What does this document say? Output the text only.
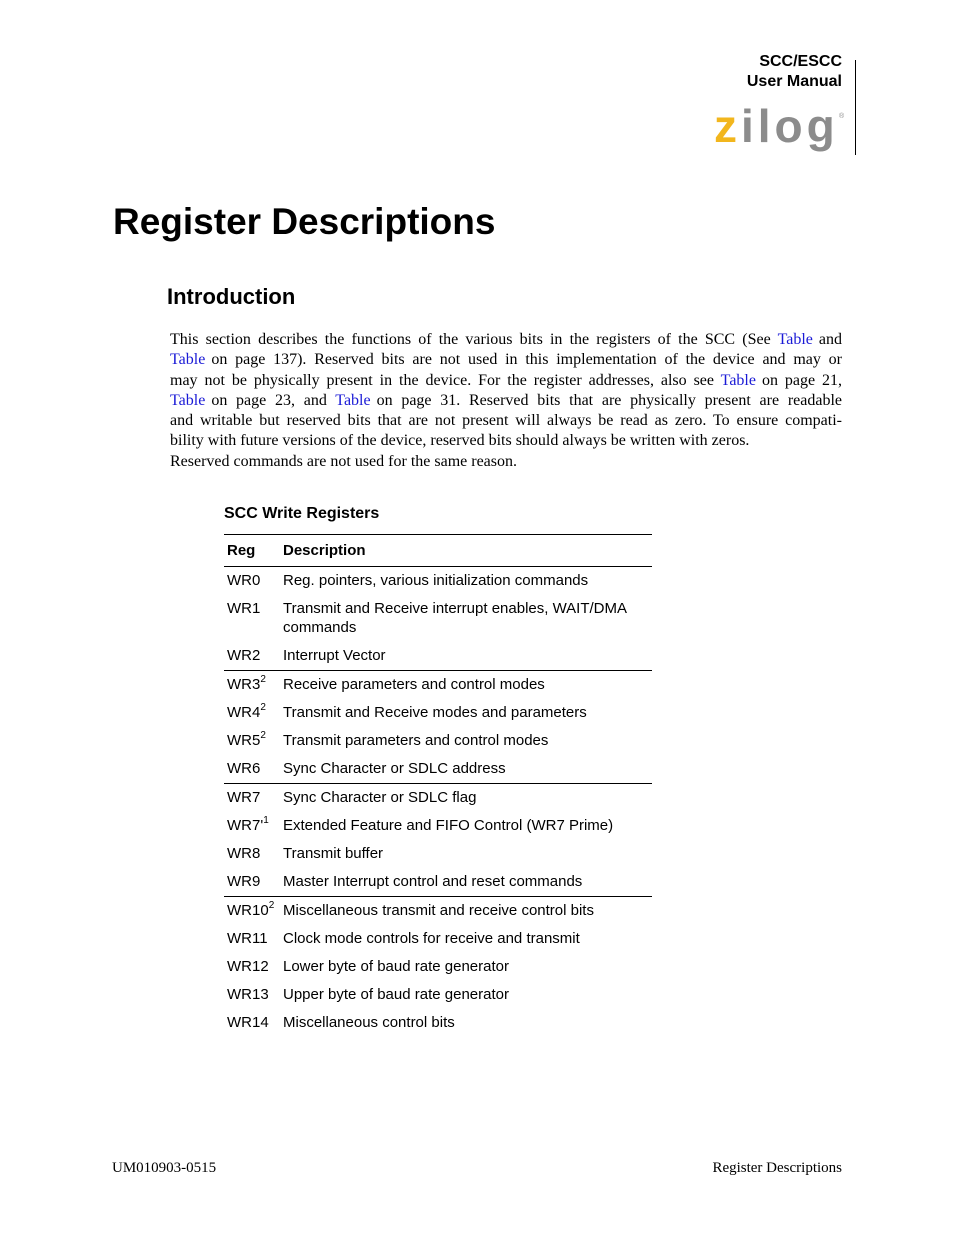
SCC/ESCC
User Manual
zilog ®
Register Descriptions
Introduction
This section describes the functions of the various bits in the registers of the SCC (See Table and
Table on page 137). Reserved bits are not used in this implementation of the device and may or
may not be physically present in the device. For the register addresses, also see Table on page 21,
Table on page 23, and Table on page 31. Reserved bits that are physically present are readable
and writable but reserved bits that are not present will always be read as zero. To ensure compati-
bility with future versions of the device, reserved bits should always be written with zeros.
Reserved commands are not used for the same reason.
SCC Write Registers
Reg	Description
WR0	Reg. pointers, various initialization commands
WR1	Transmit and Receive interrupt enables, WAIT/DMA commands
WR2	Interrupt Vector
$WR3^2$	Receive parameters and control modes
$WR4^2$	Transmit and Receive modes and parameters
$WR5^2$	Transmit parameters and control modes
WR6	Sync Character or SDLC address
WR7	Sync Character or SDLC flag
$WR7'^1$ Extended Feature and FIFO Control (WR7 Prime)
WR8	Transmit buffer
WR9	Master Interrupt control and reset commands
$WR10^2$ Miscellaneous transmit and receive control bits
WR11	Clock mode controls for receive and transmit
WR12 Lower byte of baud rate generator
WR13 Upper byte of baud rate generator
WR14 Miscellaneous control bits
UM010903-0515	Register Descriptions
